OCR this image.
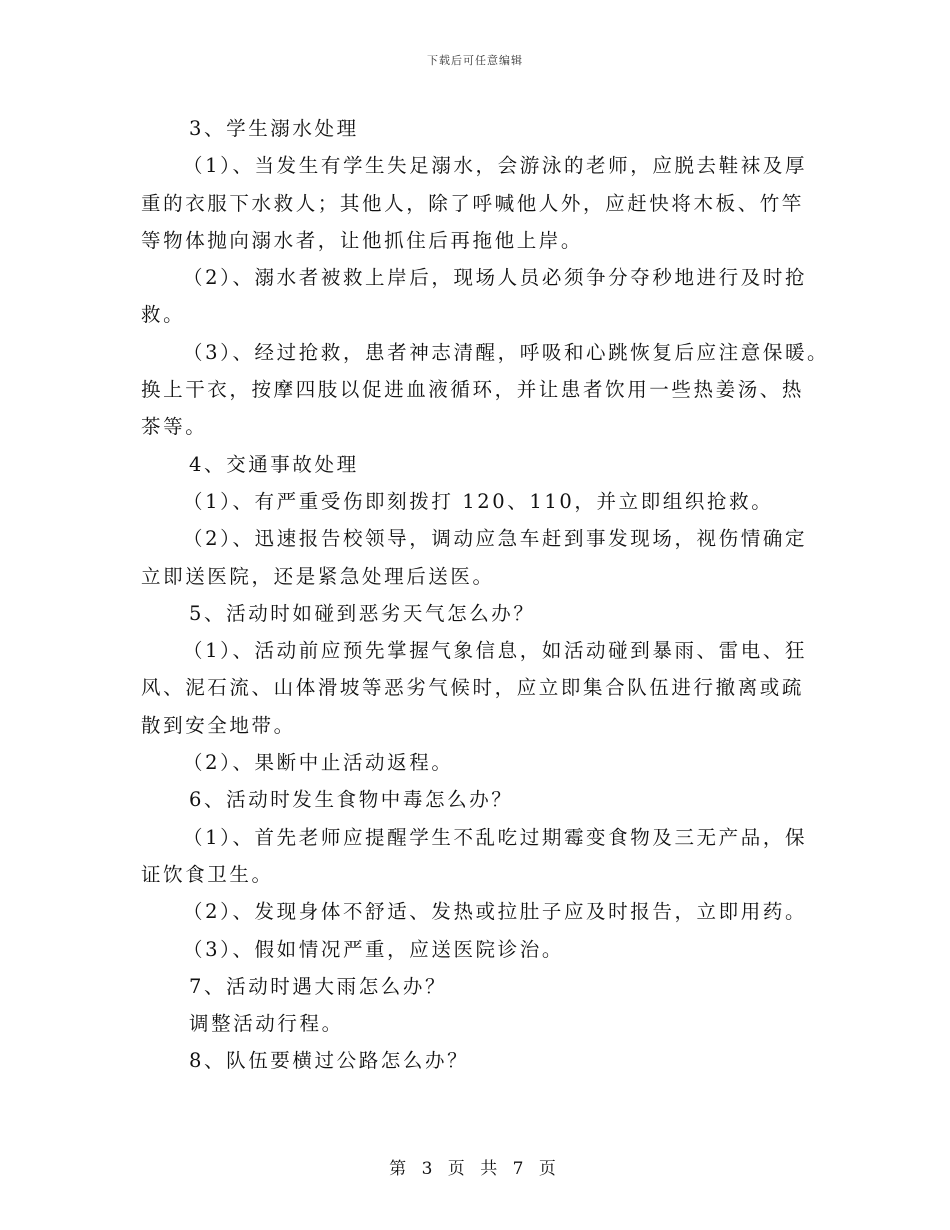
下载后可任意编辑
3、学生溺水处理
（1）、当发生有学生失足溺水，会游泳的老师，应脱去鞋袜及厚
重的衣服下水救人；其他人，除了呼喊他人外，应赶快将木板、竹竿
等物体抛向溺水者，让他抓住后再拖他上岸。
（2）、溺水者被救上岸后，现场人员必须争分夺秒地进行及时抢
救。
（3）、经过抢救，患者神志清醒，呼吸和心跳恢复后应注意保暖。
换上干衣，按摩四肢以促进血液循环，并让患者饮用一些热姜汤、热
茶等。
4、交通事故处理
（1）、有严重受伤即刻拨打 120、110，并立即组织抢救。
（2）、迅速报告校领导，调动应急车赶到事发现场，视伤情确定
立即送医院，还是紧急处理后送医。
5、活动时如碰到恶劣天气怎么办？
（1）、活动前应预先掌握气象信息，如活动碰到暴雨、雷电、狂
风、泥石流、山体滑坡等恶劣气候时，应立即集合队伍进行撤离或疏
散到安全地带。
（2）、果断中止活动返程。
6、活动时发生食物中毒怎么办？
（1）、首先老师应提醒学生不乱吃过期霉变食物及三无产品，保
证饮食卫生。
（2）、发现身体不舒适、发热或拉肚子应及时报告，立即用药。
（3）、假如情况严重，应送医院诊治。
7、活动时遇大雨怎么办？
调整活动行程。
8、队伍要横过公路怎么办？
第 3 页 共 7 页
